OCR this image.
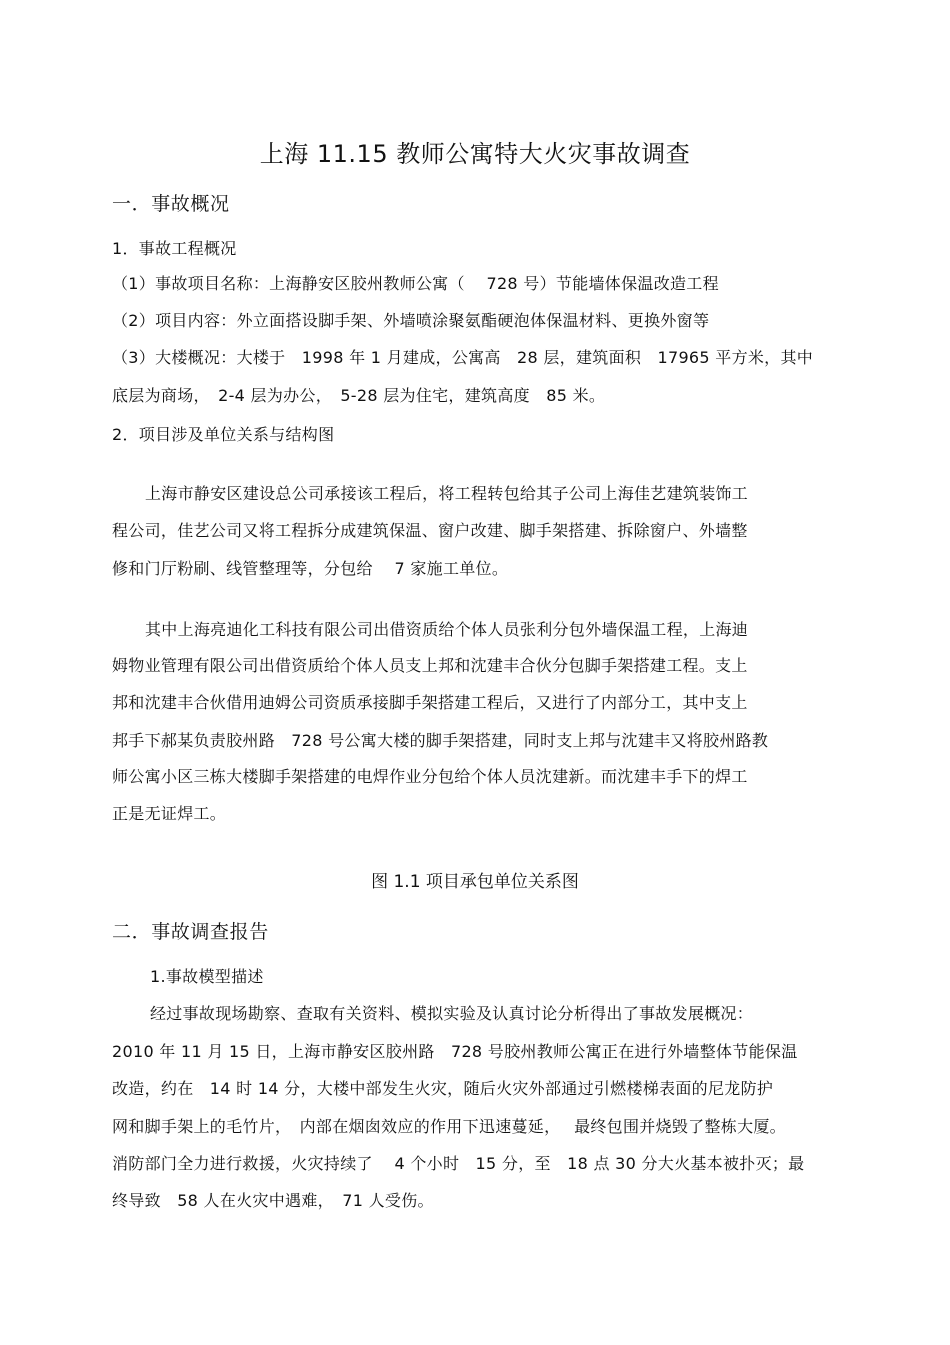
上海 11.15 教师公寓特大火灾事故调查
一．事故概况
1．事故工程概况
（1）事故项目名称：上海静安区胶州教师公寓（　 728 号）节能墙体保温改造工程
（2）项目内容：外立面搭设脚手架、外墙喷涂聚氨酯硬泡体保温材料、更换外窗等
（3）大楼概况：大楼于　1998 年 1 月建成，公寓高　28 层，建筑面积　17965 平方米，其中
底层为商场，　2-4 层为办公，　5-28 层为住宅，建筑高度　85 米。
2．项目涉及单位关系与结构图
上海市静安区建设总公司承接该工程后，将工程转包给其子公司上海佳艺建筑装饰工
程公司，佳艺公司又将工程拆分成建筑保温、窗户改建、脚手架搭建、拆除窗户、外墙整
修和门厅粉刷、线管整理等，分包给　 7 家施工单位。
其中上海亮迪化工科技有限公司出借资质给个体人员张利分包外墙保温工程，上海迪
姆物业管理有限公司出借资质给个体人员支上邦和沈建丰合伙分包脚手架搭建工程。支上
邦和沈建丰合伙借用迪姆公司资质承接脚手架搭建工程后，又进行了内部分工，其中支上
邦手下郝某负责胶州路　728 号公寓大楼的脚手架搭建，同时支上邦与沈建丰又将胶州路教
师公寓小区三栋大楼脚手架搭建的电焊作业分包给个体人员沈建新。而沈建丰手下的焊工
正是无证焊工。
图 1.1 项目承包单位关系图
二．事故调查报告
1.事故模型描述
经过事故现场勘察、查取有关资料、模拟实验及认真讨论分析得出了事故发展概况：
2010 年 11 月 15 日，上海市静安区胶州路　728 号胶州教师公寓正在进行外墙整体节能保温
改造，约在　14 时 14 分，大楼中部发生火灾，随后火灾外部通过引燃楼梯表面的尼龙防护
网和脚手架上的毛竹片，　内部在烟囱效应的作用下迅速蔓延，　 最终包围并烧毁了整栋大厦。
消防部门全力进行救援，火灾持续了　 4 个小时　15 分，至　18 点 30 分大火基本被扑灭；最
终导致　58 人在火灾中遇难，　71 人受伤。
